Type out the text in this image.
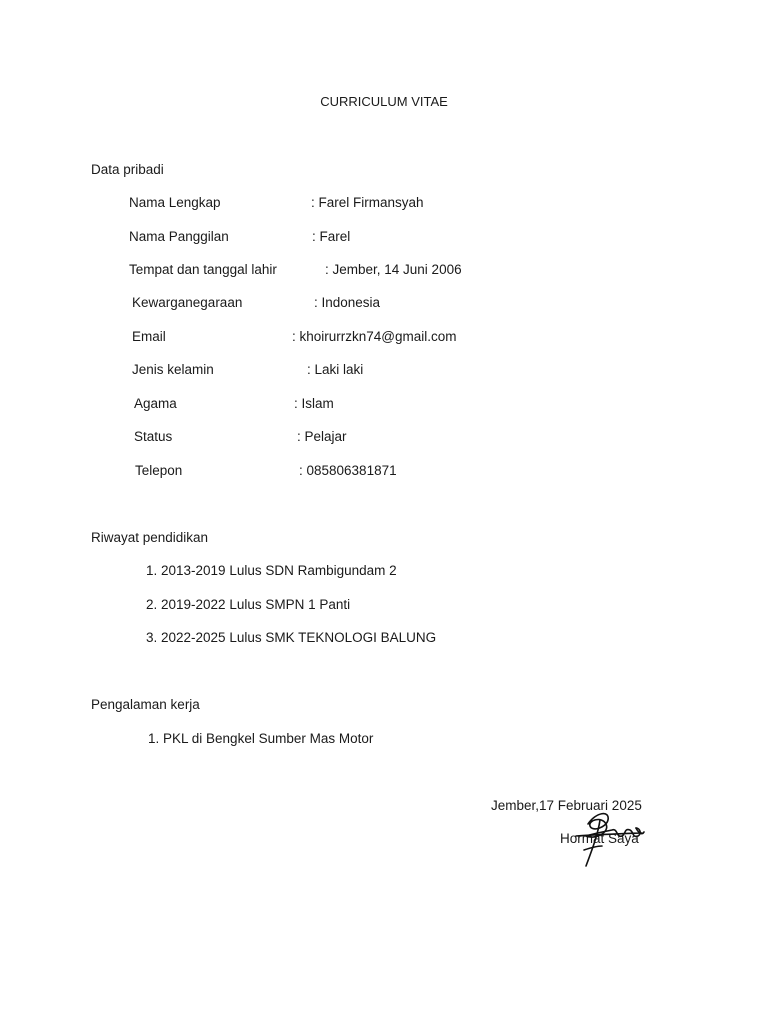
CURRICULUM VITAE
Data pribadi
Nama Lengkap	: Farel Firmansyah
Nama Panggilan	: Farel
Tempat dan tanggal lahir	: Jember, 14 Juni 2006
Kewarganegaraan	: Indonesia
Email	: khoirurrzkn74@gmail.com
Jenis kelamin	: Laki laki
Agama	: Islam
Status	: Pelajar
Telepon	: 085806381871
Riwayat pendidikan
1. 2013-2019 Lulus SDN Rambigundam 2
2. 2019-2022 Lulus SMPN 1 Panti
3. 2022-2025 Lulus SMK TEKNOLOGI BALUNG
Pengalaman kerja
1. PKL di Bengkel Sumber Mas Motor
Jember,17 Februari 2025
Hormat Saya
